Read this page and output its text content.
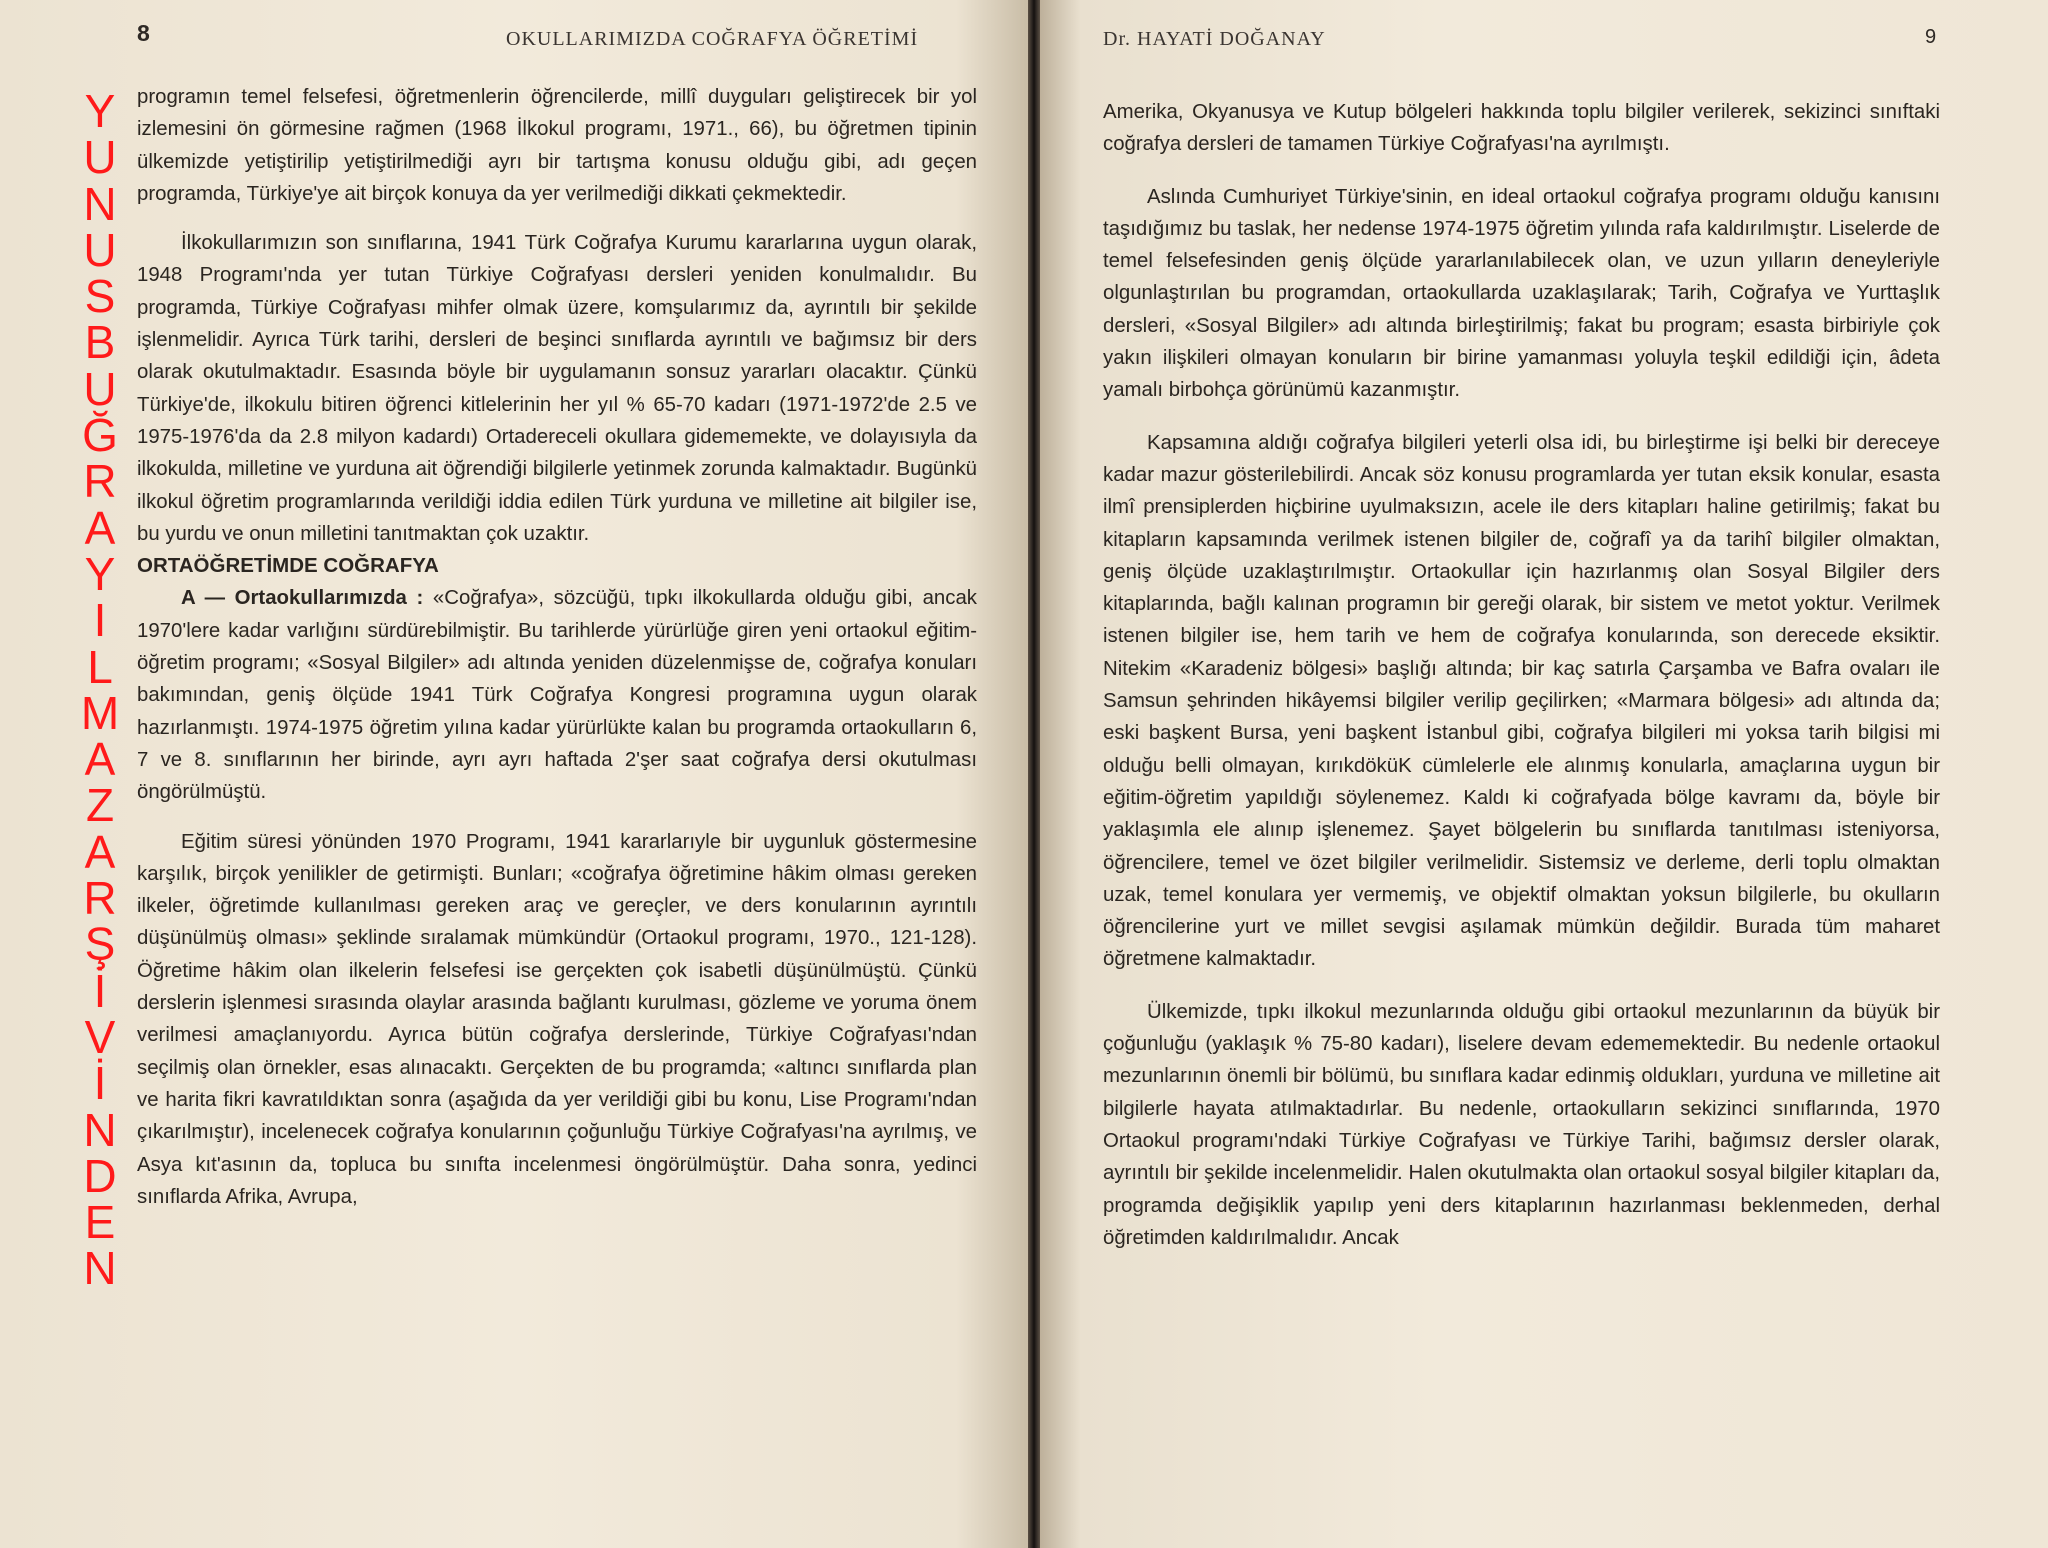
8	OKULLARIMIZDA COĞRAFYA ÖĞRETİMİ

programın temel felsefesi, öğretmenlerin öğrencilerde, millî duyguları geliştirecek bir yol izlemesini ön görmesine rağmen (1968 İlkokul programı, 1971., 66), bu öğretmen tipinin ülkemizde yetiştirilip yetiştirilmediği ayrı bir tartışma konusu olduğu gibi, adı geçen programda, Türkiye'ye ait birçok konuya da yer verilmediği dikkati çekmektedir.

İlkokullarımızın son sınıflarına, 1941 Türk Coğrafya Kurumu kararlarına uygun olarak, 1948 Programı'nda yer tutan Türkiye Coğrafyası dersleri yeniden konulmalıdır. Bu programda, Türkiye Coğrafyası mihfer olmak üzere, komşularımız da, ayrıntılı bir şekilde işlenmelidir. Ayrıca Türk tarihi, dersleri de beşinci sınıflarda ayrıntılı ve bağımsız bir ders olarak okutulmaktadır. Esasında böyle bir uygulamanın sonsuz yararları olacaktır. Çünkü Türkiye'de, ilkokulu bitiren öğrenci kitlelerinin her yıl % 65-70 kadarı (1971-1972'de 2.5 ve 1975-1976'da da 2.8 milyon kadardı) Ortadereceli okullara gidememekte, ve dolayısıyla da ilkokulda, milletine ve yurduna ait öğrendiği bilgilerle yetinmek zorunda kalmaktadır. Bugünkü ilkokul öğretim programlarında verildiği iddia edilen Türk yurduna ve milletine ait bilgiler ise, bu yurdu ve onun milletini tanıtmaktan çok uzaktır.

ORTAÖĞRETİMDE COĞRAFYA

A — Ortaokullarımızda : «Coğrafya», sözcüğü, tıpkı ilkokullarda olduğu gibi, ancak 1970'lere kadar varlığını sürdürebilmiştir. Bu tarihlerde yürürlüğe giren yeni ortaokul eğitim-öğretim programı; «Sosyal Bilgiler» adı altında yeniden düzelenmişse de, coğrafya konuları bakımından, geniş ölçüde 1941 Türk Coğrafya Kongresi programına uygun olarak hazırlanmıştı. 1974-1975 öğretim yılına kadar yürürlükte kalan bu programda ortaokulların 6, 7 ve 8. sınıflarının her birinde, ayrı ayrı haftada 2'şer saat coğrafya dersi okutulması öngörülmüştü.

Eğitim süresi yönünden 1970 Programı, 1941 kararlarıyle bir uygunluk göstermesine karşılık, birçok yenilikler de getirmişti. Bunları; «coğrafya öğretimine hâkim olması gereken ilkeler, öğretimde kullanılması gereken araç ve gereçler, ve ders konularının ayrıntılı düşünülmüş olması» şeklinde sıralamak mümkündür (Ortaokul programı, 1970., 121-128). Öğretime hâkim olan ilkelerin felsefesi ise gerçekten çok isabetli düşünülmüştü. Çünkü derslerin işlenmesi sırasında olaylar arasında bağlantı kurulması, gözleme ve yoruma önem verilmesi amaçlanıyordu. Ayrıca bütün coğrafya derslerinde, Türkiye Coğrafyası'ndan seçilmiş olan örnekler, esas alınacaktı. Gerçekten de bu programda; «altıncı sınıflarda plan ve harita fikri kavratıldıktan sonra (aşağıda da yer verildiği gibi bu konu, Lise Programı'ndan çıkarılmıştır), incelenecek coğrafya konularının çoğunluğu Türkiye Coğrafyası'na ayrılmış, ve Asya kıt'asının da, topluca bu sınıfta incelenmesi öngörülmüştür. Daha sonra, yedinci sınıflarda Afrika, Avrupa,

Y
U
N
U
S
B
U
Ğ
R
A
Y
I
L
M
A
Z
A
R
Ş
İ
V
İ
N
D
E
N
Dr. HAYATİ DOĞANAY	9

Amerika, Okyanusya ve Kutup bölgeleri hakkında toplu bilgiler verilerek, sekizinci sınıftaki coğrafya dersleri de tamamen Türkiye Coğrafyası'na ayrılmıştı.

Aslında Cumhuriyet Türkiye'sinin, en ideal ortaokul coğrafya programı olduğu kanısını taşıdığımız bu taslak, her nedense 1974-1975 öğretim yılında rafa kaldırılmıştır. Liselerde de temel felsefesinden geniş ölçüde yararlanılabilecek olan, ve uzun yılların deneyleriyle olgunlaştırılan bu programdan, ortaokullarda uzaklaşılarak; Tarih, Coğrafya ve Yurttaşlık dersleri, «Sosyal Bilgiler» adı altında birleştirilmiş; fakat bu program; esasta birbiriyle çok yakın ilişkileri olmayan konuların bir birine yamanması yoluyla teşkil edildiği için, âdeta yamalı birbohça görünümü kazanmıştır.

Kapsamına aldığı coğrafya bilgileri yeterli olsa idi, bu birleştirme işi belki bir dereceye kadar mazur gösterilebilirdi. Ancak söz konusu programlarda yer tutan eksik konular, esasta ilmî prensiplerden hiçbirine uyulmaksızın, acele ile ders kitapları haline getirilmiş; fakat bu kitapların kapsamında verilmek istenen bilgiler de, coğrafî ya da tarihî bilgiler olmaktan, geniş ölçüde uzaklaştırılmıştır. Ortaokullar için hazırlanmış olan Sosyal Bilgiler ders kitaplarında, bağlı kalınan programın bir gereği olarak, bir sistem ve metot yoktur. Verilmek istenen bilgiler ise, hem tarih ve hem de coğrafya konularında, son derecede eksiktir. Nitekim «Karadeniz bölgesi» başlığı altında; bir kaç satırla Çarşamba ve Bafra ovaları ile Samsun şehrinden hikâyemsi bilgiler verilip geçilirken; «Marmara bölgesi» adı altında da; eski başkent Bursa, yeni başkent İstanbul gibi, coğrafya bilgileri mi yoksa tarih bilgisi mi olduğu belli olmayan, kırıkdöküK cümlelerle ele alınmış konularla, amaçlarına uygun bir eğitim-öğretim yapıldığı söylenemez. Kaldı ki coğrafyada bölge kavramı da, böyle bir yaklaşımla ele alınıp işlenemez. Şayet bölgelerin bu sınıflarda tanıtılması isteniyorsa, öğrencilere, temel ve özet bilgiler verilmelidir. Sistemsiz ve derleme, derli toplu olmaktan uzak, temel konulara yer vermemiş, ve objektif olmaktan yoksun bilgilerle, bu okulların öğrencilerine yurt ve millet sevgisi aşılamak mümkün değildir. Burada tüm maharet öğretmene kalmaktadır.

Ülkemizde, tıpkı ilkokul mezunlarında olduğu gibi ortaokul mezunlarının da büyük bir çoğunluğu (yaklaşık % 75-80 kadarı), liselere devam edememektedir. Bu nedenle ortaokul mezunlarının önemli bir bölümü, bu sınıflara kadar edinmiş oldukları, yurduna ve milletine ait bilgilerle hayata atılmaktadırlar. Bu nedenle, ortaokulların sekizinci sınıflarında, 1970 Ortaokul programı'ndaki Türkiye Coğrafyası ve Türkiye Tarihi, bağımsız dersler olarak, ayrıntılı bir şekilde incelenmelidir. Halen okutulmakta olan ortaokul sosyal bilgiler kitapları da, programda değişiklik yapılıp yeni ders kitaplarının hazırlanması beklenmeden, derhal öğretimden kaldırılmalıdır. Ancak
